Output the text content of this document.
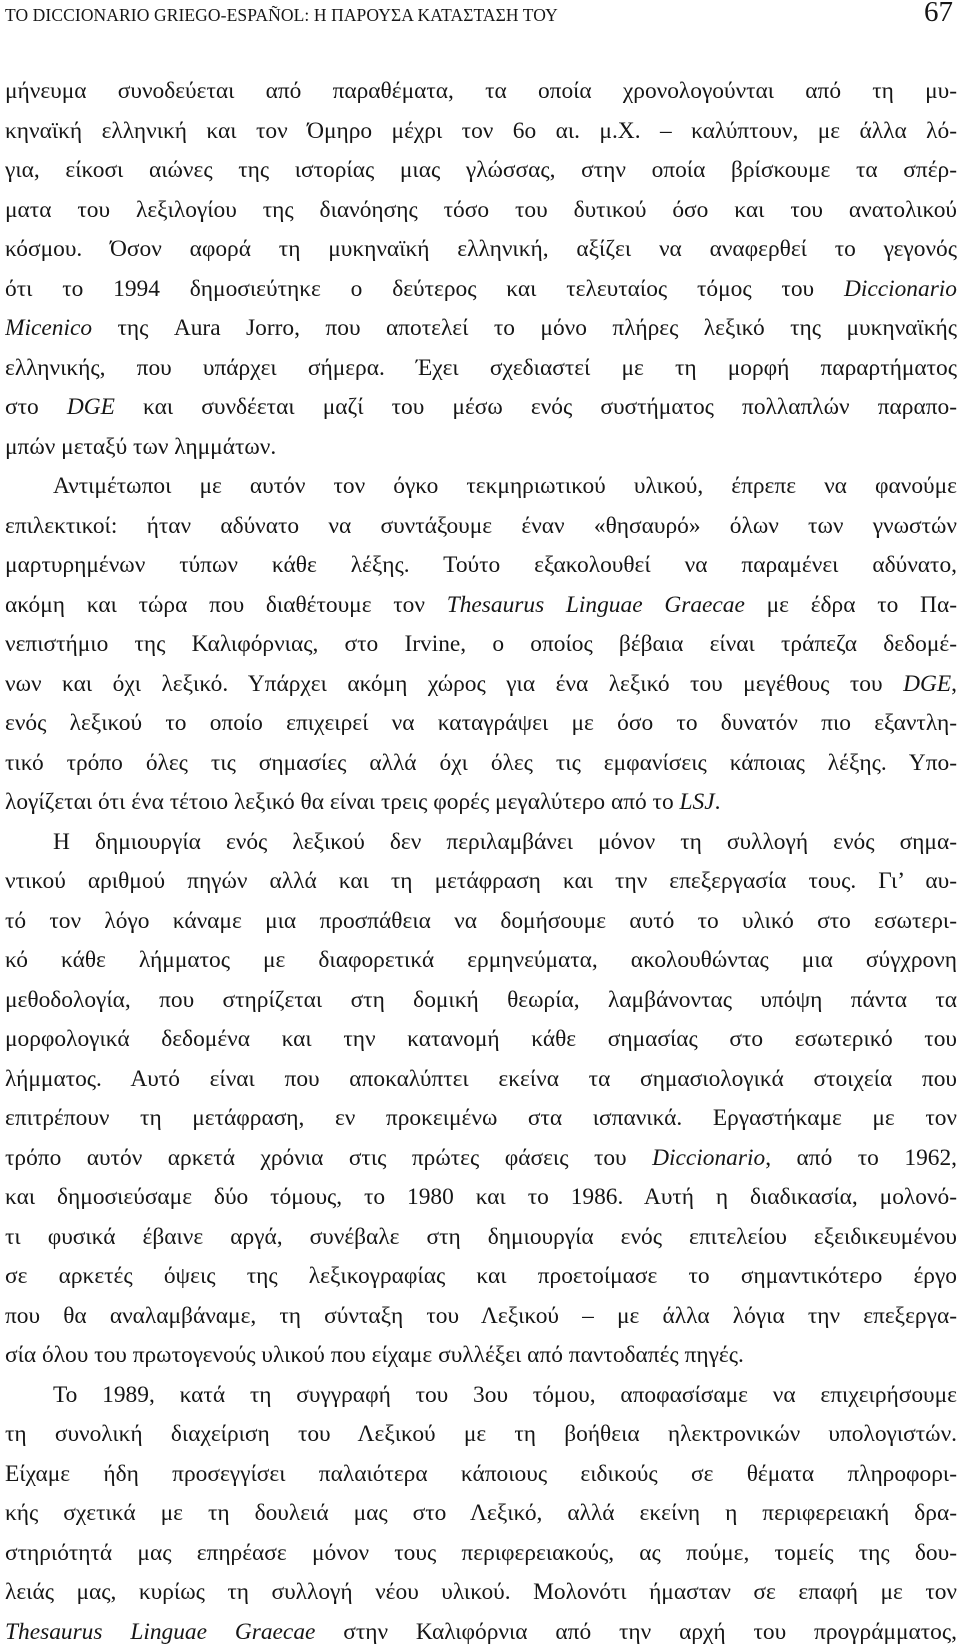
ΤΟ DICCIONARIO GRIEGO-ESPAÑOL: Η ΠΑΡΟΥΣΑ ΚΑΤΑΣΤΑΣΗ ΤΟΥ	67
μήνευμα συνοδεύεται από παραθέματα, τα οποία χρονολογούνται από τη μυ-
κηναϊκή ελληνική και τον Όμηρο μέχρι τον 6ο αι. μ.Χ. – καλύπτουν, με άλλα λό-
για, είκοσι αιώνες της ιστορίας μιας γλώσσας, στην οποία βρίσκουμε τα σπέρ-
ματα του λεξιλογίου της διανόησης τόσο του δυτικού όσο και του ανατολικού
κόσμου. Όσον αφορά τη μυκηναϊκή ελληνική, αξίζει να αναφερθεί το γεγονός
ότι το 1994 δημοσιεύτηκε ο δεύτερος και τελευταίος τόμος του Diccionario
Micenico της Aura Jorro, που αποτελεί το μόνο πλήρες λεξικό της μυκηναϊκής
ελληνικής, που υπάρχει σήμερα. Έχει σχεδιαστεί με τη μορφή παραρτήματος
στο DGE και συνδέεται μαζί του μέσω ενός συστήματος πολλαπλών παραπο-
μπών μεταξύ των λημμάτων.
Αντιμέτωποι με αυτόν τον όγκο τεκμηριωτικού υλικού, έπρεπε να φανούμε
επιλεκτικοί: ήταν αδύνατο να συντάξουμε έναν «θησαυρό» όλων των γνωστών
μαρτυρημένων τύπων κάθε λέξης. Τούτο εξακολουθεί να παραμένει αδύνατο,
ακόμη και τώρα που διαθέτουμε τον Thesaurus Linguae Graecae με έδρα το Πα-
νεπιστήμιο της Καλιφόρνιας, στο Irvine, ο οποίος βέβαια είναι τράπεζα δεδομέ-
νων και όχι λεξικό. Υπάρχει ακόμη χώρος για ένα λεξικό του μεγέθους του DGE,
ενός λεξικού το οποίο επιχειρεί να καταγράψει με όσο το δυνατόν πιο εξαντλη-
τικό τρόπο όλες τις σημασίες αλλά όχι όλες τις εμφανίσεις κάποιας λέξης. Υπο-
λογίζεται ότι ένα τέτοιο λεξικό θα είναι τρεις φορές μεγαλύτερο από το LSJ.
Η δημιουργία ενός λεξικού δεν περιλαμβάνει μόνον τη συλλογή ενός σημα-
ντικού αριθμού πηγών αλλά και τη μετάφραση και την επεξεργασία τους. Γι’ αυ-
τό τον λόγο κάναμε μια προσπάθεια να δομήσουμε αυτό το υλικό στο εσωτερι-
κό κάθε λήμματος με διαφορετικά ερμηνεύματα, ακολουθώντας μια σύγχρονη
μεθοδολογία, που στηρίζεται στη δομική θεωρία, λαμβάνοντας υπόψη πάντα τα
μορφολογικά δεδομένα και την κατανομή κάθε σημασίας στο εσωτερικό του
λήμματος. Αυτό είναι που αποκαλύπτει εκείνα τα σημασιολογικά στοιχεία που
επιτρέπουν τη μετάφραση, εν προκειμένω στα ισπανικά. Εργαστήκαμε με τον
τρόπο αυτόν αρκετά χρόνια στις πρώτες φάσεις του Diccionario, από το 1962,
και δημοσιεύσαμε δύο τόμους, το 1980 και το 1986. Αυτή η διαδικασία, μολονό-
τι φυσικά έβαινε αργά, συνέβαλε στη δημιουργία ενός επιτελείου εξειδικευμένου
σε αρκετές όψεις της λεξικογραφίας και προετοίμασε το σημαντικότερο έργο
που θα αναλαμβάναμε, τη σύνταξη του Λεξικού – με άλλα λόγια την επεξεργα-
σία όλου του πρωτογενούς υλικού που είχαμε συλλέξει από παντοδαπές πηγές.
Το 1989, κατά τη συγγραφή του 3ου τόμου, αποφασίσαμε να επιχειρήσουμε
τη συνολική διαχείριση του Λεξικού με τη βοήθεια ηλεκτρονικών υπολογιστών.
Είχαμε ήδη προσεγγίσει παλαιότερα κάποιους ειδικούς σε θέματα πληροφορι-
κής σχετικά με τη δουλειά μας στο Λεξικό, αλλά εκείνη η περιφερειακή δρα-
στηριότητά μας επηρέασε μόνον τους περιφερειακούς, ας πούμε, τομείς της δου-
λειάς μας, κυρίως τη συλλογή νέου υλικού. Μολονότι ήμασταν σε επαφή με τον
Thesaurus Linguae Graecae στην Καλιφόρνια από την αρχή του προγράμματος,
